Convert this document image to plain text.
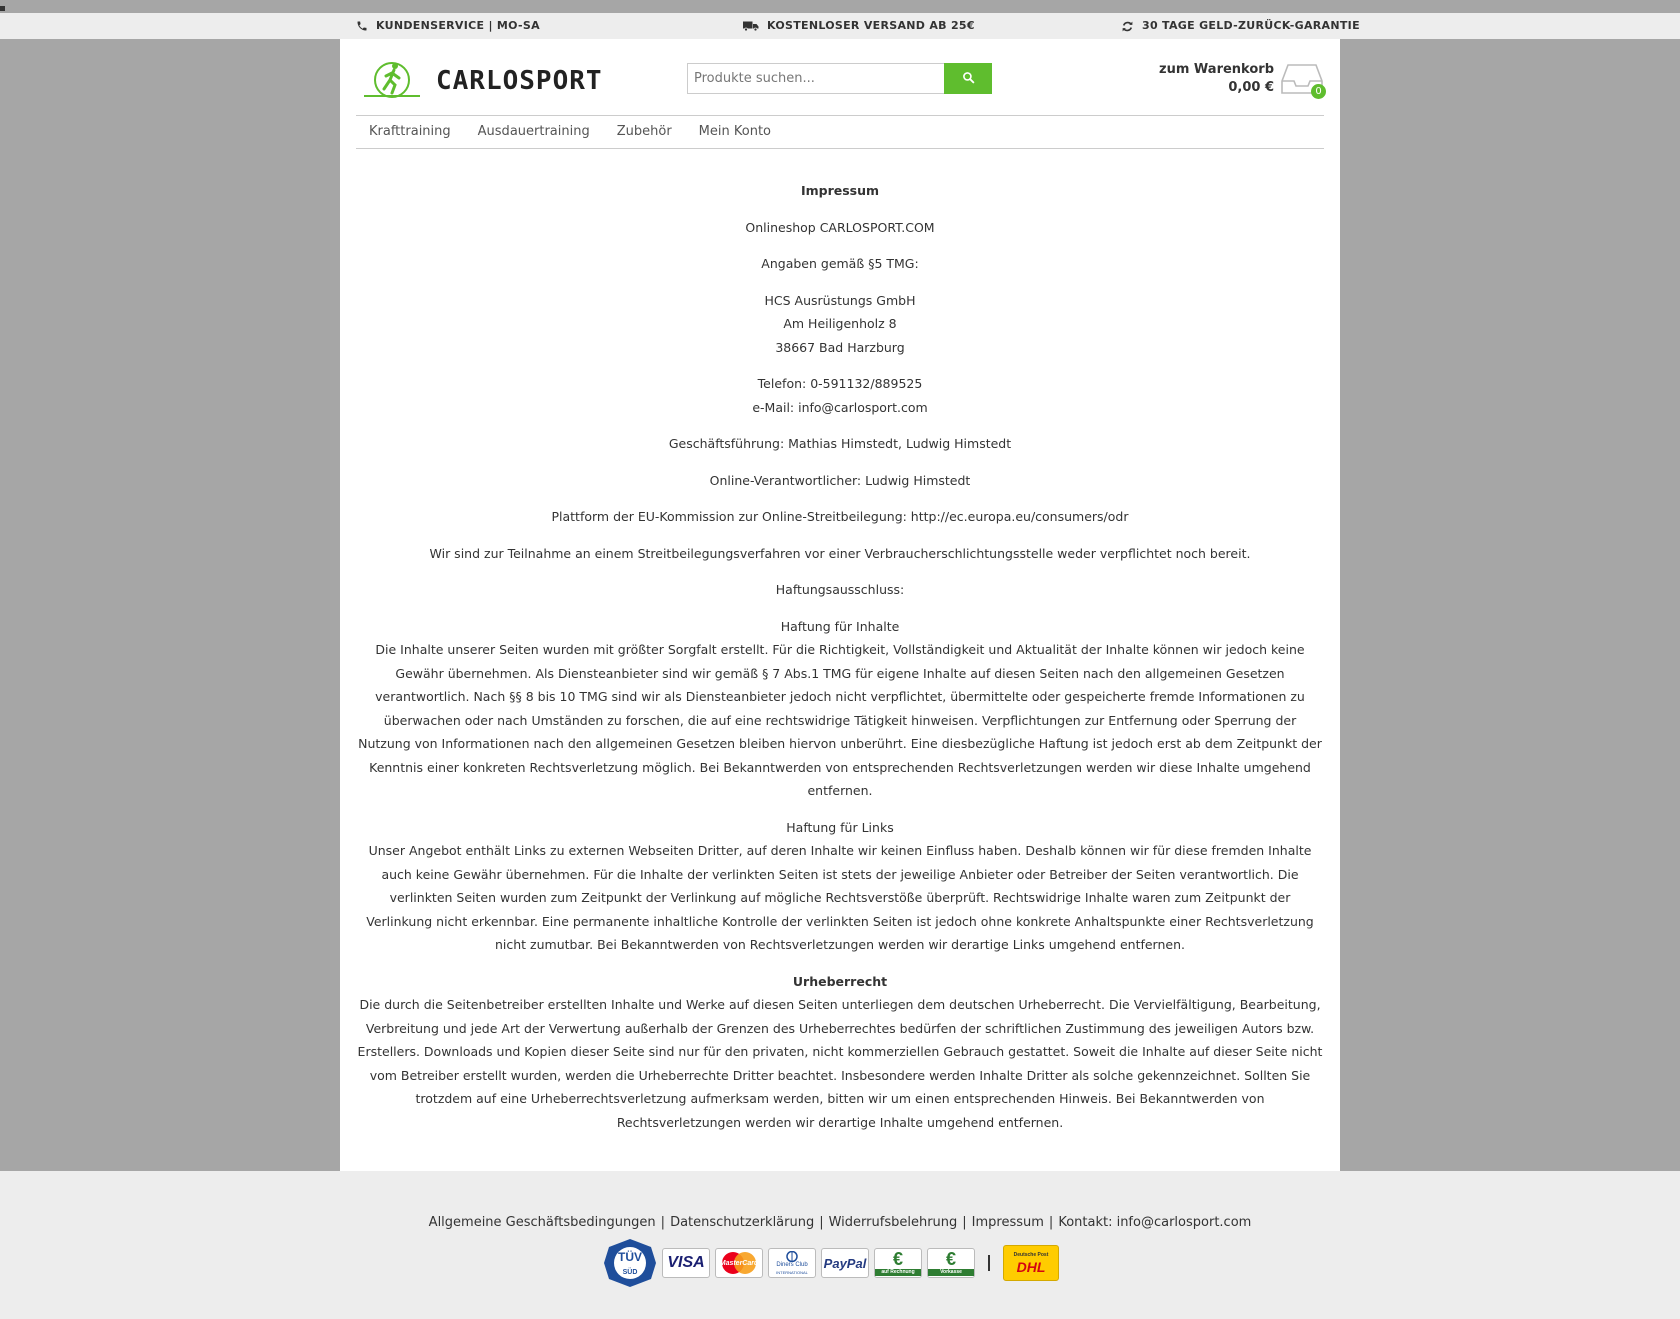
KUNDENSERVICE | MO-SA	KOSTENLOSER VERSAND AB 25€	30 TAGE GELD-ZURÜCK-GARANTIE
CARLOSPORT
Produkte suchen...	zum Warenkorb
0,00 €	0
Krafttraining	Ausdauertraining	Zubehör	Mein Konto

Impressum

Onlineshop CARLOSPORT.COM

Angaben gemäß §5 TMG:

HCS Ausrüstungs GmbH
Am Heiligenholz 8
38667 Bad Harzburg

Telefon: 0-591132/889525
e-Mail: info@carlosport.com

Geschäftsführung: Mathias Himstedt, Ludwig Himstedt

Online-Verantwortlicher: Ludwig Himstedt

Plattform der EU-Kommission zur Online-Streitbeilegung: http://ec.europa.eu/consumers/odr

Wir sind zur Teilnahme an einem Streitbeilegungsverfahren vor einer Verbraucherschlichtungsstelle weder verpflichtet noch bereit.

Haftungsausschluss:

Haftung für Inhalte
Die Inhalte unserer Seiten wurden mit größter Sorgfalt erstellt. Für die Richtigkeit, Vollständigkeit und Aktualität der Inhalte können wir jedoch keine Gewähr übernehmen. Als Diensteanbieter sind wir gemäß § 7 Abs.1 TMG für eigene Inhalte auf diesen Seiten nach den allgemeinen Gesetzen verantwortlich. Nach §§ 8 bis 10 TMG sind wir als Diensteanbieter jedoch nicht verpflichtet, übermittelte oder gespeicherte fremde Informationen zu überwachen oder nach Umständen zu forschen, die auf eine rechtswidrige Tätigkeit hinweisen. Verpflichtungen zur Entfernung oder Sperrung der Nutzung von Informationen nach den allgemeinen Gesetzen bleiben hiervon unberührt. Eine diesbezügliche Haftung ist jedoch erst ab dem Zeitpunkt der Kenntnis einer konkreten Rechtsverletzung möglich. Bei Bekanntwerden von entsprechenden Rechtsverletzungen werden wir diese Inhalte umgehend entfernen.

Haftung für Links
Unser Angebot enthält Links zu externen Webseiten Dritter, auf deren Inhalte wir keinen Einfluss haben. Deshalb können wir für diese fremden Inhalte auch keine Gewähr übernehmen. Für die Inhalte der verlinkten Seiten ist stets der jeweilige Anbieter oder Betreiber der Seiten verantwortlich. Die verlinkten Seiten wurden zum Zeitpunkt der Verlinkung auf mögliche Rechtsverstöße überprüft. Rechtswidrige Inhalte waren zum Zeitpunkt der Verlinkung nicht erkennbar. Eine permanente inhaltliche Kontrolle der verlinkten Seiten ist jedoch ohne konkrete Anhaltspunkte einer Rechtsverletzung nicht zumutbar. Bei Bekanntwerden von Rechtsverletzungen werden wir derartige Links umgehend entfernen.

Urheberrecht
Die durch die Seitenbetreiber erstellten Inhalte und Werke auf diesen Seiten unterliegen dem deutschen Urheberrecht. Die Vervielfältigung, Bearbeitung, Verbreitung und jede Art der Verwertung außerhalb der Grenzen des Urheberrechtes bedürfen der schriftlichen Zustimmung des jeweiligen Autors bzw. Erstellers. Downloads und Kopien dieser Seite sind nur für den privaten, nicht kommerziellen Gebrauch gestattet. Soweit die Inhalte auf dieser Seite nicht vom Betreiber erstellt wurden, werden die Urheberrechte Dritter beachtet. Insbesondere werden Inhalte Dritter als solche gekennzeichnet. Sollten Sie trotzdem auf eine Urheberrechtsverletzung aufmerksam werden, bitten wir um einen entsprechenden Hinweis. Bei Bekanntwerden von Rechtsverletzungen werden wir derartige Inhalte umgehend entfernen.

Allgemeine Geschäftsbedingungen | Datenschutzerklärung | Widerrufsbelehrung | Impressum | Kontakt: info@carlosport.com
TÜV
SÜD
VISA MasterCard	Diners Club
INTERNATIONAL
PayPal €
auf Rechnung
€
Vorkasse
Deutsche Post
DHL
